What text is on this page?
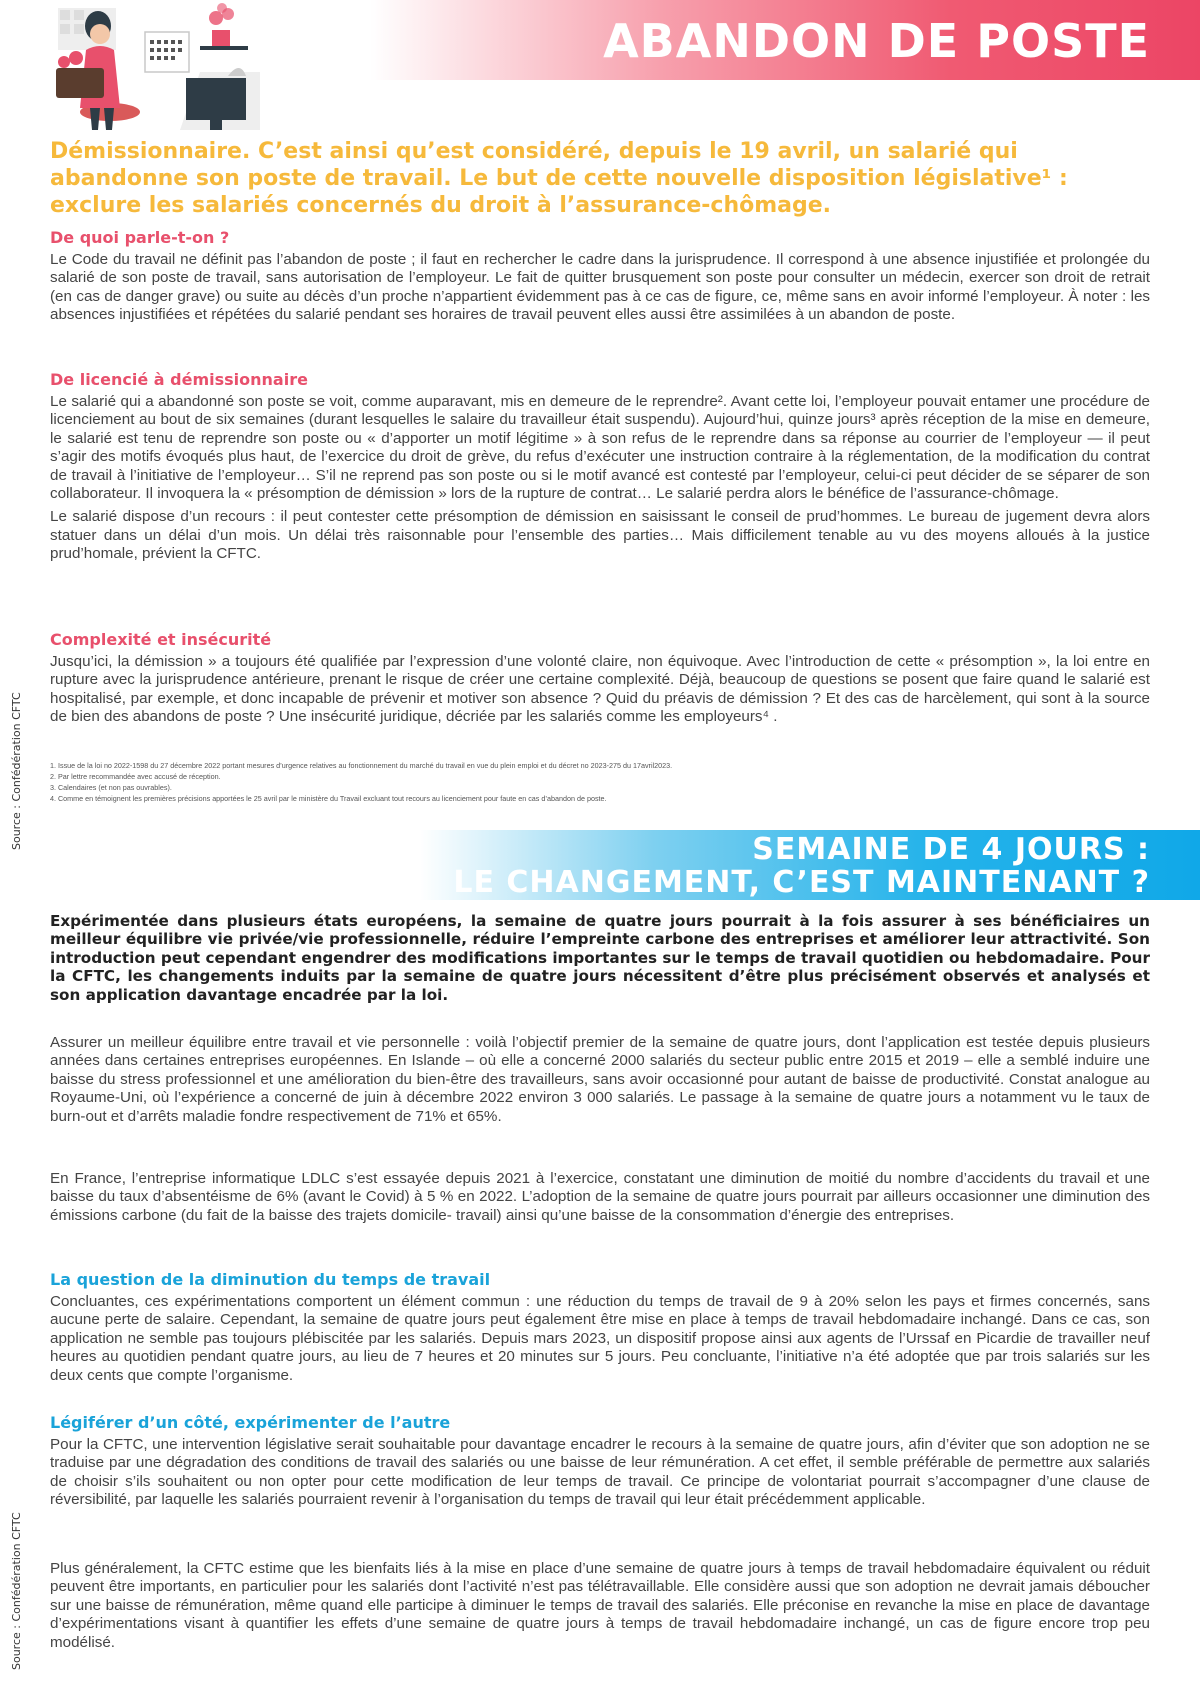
ABANDON DE POSTE

Démissionnaire. C’est ainsi qu’est considéré, depuis le 19 avril, un salarié qui abandonne son poste de travail. Le but de cette nouvelle disposition législative¹ : exclure les salariés concernés du droit à l’assurance-chômage.

De quoi parle-t-on ?

Le Code du travail ne définit pas l’abandon de poste ; il faut en rechercher le cadre dans la jurisprudence. Il correspond à une absence injustifiée et prolongée du salarié de son poste de travail, sans autorisation de l’employeur. Le fait de quitter brusquement son poste pour consulter un médecin, exercer son droit de retrait (en cas de danger grave) ou suite au décès d’un proche n’appartient évidemment pas à ce cas de figure, ce, même sans en avoir informé l’employeur. À noter : les absences injustifiées et répétées du salarié pendant ses horaires de travail peuvent elles aussi être assimilées à un abandon de poste.

De licencié à démissionnaire

Le salarié qui a abandonné son poste se voit, comme auparavant, mis en demeure de le reprendre². Avant cette loi, l’employeur pouvait entamer une procédure de licenciement au bout de six semaines (durant lesquelles le salaire du travailleur était suspendu). Aujourd’hui, quinze jours³ après réception de la mise en demeure, le salarié est tenu de reprendre son poste ou « d’apporter un motif légitime » à son refus de le reprendre dans sa réponse au courrier de l’employeur — il peut s’agir des motifs évoqués plus haut, de l’exercice du droit de grève, du refus d’exécuter une instruction contraire à la réglementation, de la modification du contrat de travail à l’initiative de l’employeur… S’il ne reprend pas son poste ou si le motif avancé est contesté par l’employeur, celui-ci peut décider de se séparer de son collaborateur. Il invoquera la « présomption de démission » lors de la rupture de contrat… Le salarié perdra alors le bénéfice de l’assurance-chômage.

Le salarié dispose d’un recours : il peut contester cette présomption de démission en saisissant le conseil de prud’hommes. Le bureau de jugement devra alors statuer dans un délai d’un mois. Un délai très raisonnable pour l’ensemble des parties… Mais difficilement tenable au vu des moyens alloués à la justice prud’homale, prévient la CFTC.

Complexité et insécurité

Jusqu’ici, la démission » a toujours été qualifiée par l’expression d’une volonté claire, non équivoque. Avec l’introduction de cette « présomption », la loi entre en rupture avec la jurisprudence antérieure, prenant le risque de créer une certaine complexité. Déjà, beaucoup de questions se posent que faire quand le salarié est hospitalisé, par exemple, et donc incapable de prévenir et motiver son absence ? Quid du préavis de démission ? Et des cas de harcèlement, qui sont à la source de bien des abandons de poste ? Une insécurité juridique, décriée par les salariés comme les employeurs⁴ .

1. Issue de la loi no 2022-1598 du 27 décembre 2022 portant mesures d’urgence relatives au fonctionnement du marché du travail en vue du plein emploi et du décret no 2023-275 du 17avril2023.

2. Par lettre recommandée avec accusé de réception.

3. Calendaires (et non pas ouvrables).

4. Comme en témoignent les premières précisions apportées le 25 avril par le ministère du Travail excluant tout recours au licenciement pour faute en cas d’abandon de poste.

Source : Confédération CFTC	SEMAINE DE 4 JOURS :
LE CHANGEMENT, C’EST MAINTENANT ?

Expérimentée dans plusieurs états européens, la semaine de quatre jours pourrait à la fois assurer à ses bénéficiaires un meilleur équilibre vie privée/vie professionnelle, réduire l’empreinte carbone des entreprises et améliorer leur attractivité. Son introduction peut cependant engendrer des modifications importantes sur le temps de travail quotidien ou hebdomadaire. Pour la CFTC, les changements induits par la semaine de quatre jours nécessitent d’être plus précisément observés et analysés et son application davantage encadrée par la loi.

Assurer un meilleur équilibre entre travail et vie personnelle : voilà l’objectif premier de la semaine de quatre jours, dont l’application est testée depuis plusieurs années dans certaines entreprises européennes. En Islande – où elle a concerné 2000 salariés du secteur public entre 2015 et 2019 – elle a semblé induire une baisse du stress professionnel et une amélioration du bien-être des travailleurs, sans avoir occasionné pour autant de baisse de productivité. Constat analogue au Royaume-Uni, où l’expérience a concerné de juin à décembre 2022 environ 3 000 salariés. Le passage à la semaine de quatre jours a notamment vu le taux de burn-out et d’arrêts maladie fondre respectivement de 71% et 65%.

En France, l’entreprise informatique LDLC s’est essayée depuis 2021 à l’exercice, constatant une diminution de moitié du nombre d’accidents du travail et une baisse du taux d’absentéisme de 6% (avant le Covid) à 5 % en 2022. L’adoption de la semaine de quatre jours pourrait par ailleurs occasionner une diminution des émissions carbone (du fait de la baisse des trajets domicile- travail) ainsi qu’une baisse de la consommation d’énergie des entreprises.

La question de la diminution du temps de travail

Concluantes, ces expérimentations comportent un élément commun : une réduction du temps de travail de 9 à 20% selon les pays et firmes concernés, sans aucune perte de salaire. Cependant, la semaine de quatre jours peut également être mise en place à temps de travail hebdomadaire inchangé. Dans ce cas, son application ne semble pas toujours plébiscitée par les salariés. Depuis mars 2023, un dispositif propose ainsi aux agents de l’Urssaf en Picardie de travailler neuf heures au quotidien pendant quatre jours, au lieu de 7 heures et 20 minutes sur 5 jours. Peu concluante, l’initiative n’a été adoptée que par trois salariés sur les deux cents que compte l’organisme.

Légiférer d’un côté, expérimenter de l’autre

Pour la CFTC, une intervention législative serait souhaitable pour davantage encadrer le recours à la semaine de quatre jours, afin d’éviter que son adoption ne se traduise par une dégradation des conditions de travail des salariés ou une baisse de leur rémunération. A cet effet, il semble préférable de permettre aux salariés de choisir s’ils souhaitent ou non opter pour cette modification de leur temps de travail. Ce principe de volontariat pourrait s’accompagner d’une clause de réversibilité, par laquelle les salariés pourraient revenir à l’organisation du temps de travail qui leur était précédemment applicable.

Plus généralement, la CFTC estime que les bienfaits liés à la mise en place d’une semaine de quatre jours à temps de travail hebdomadaire équivalent ou réduit peuvent être importants, en particulier pour les salariés dont l’activité n’est pas télétravaillable. Elle considère aussi que son adoption ne devrait jamais déboucher sur une baisse de rémunération, même quand elle participe à diminuer le temps de travail des salariés. Elle préconise en revanche la mise en place de davantage d’expérimentations visant à quantifier les effets d’une semaine de quatre jours à temps de travail hebdomadaire inchangé, un cas de figure encore trop peu modélisé.

Source : Confédération CFTC
